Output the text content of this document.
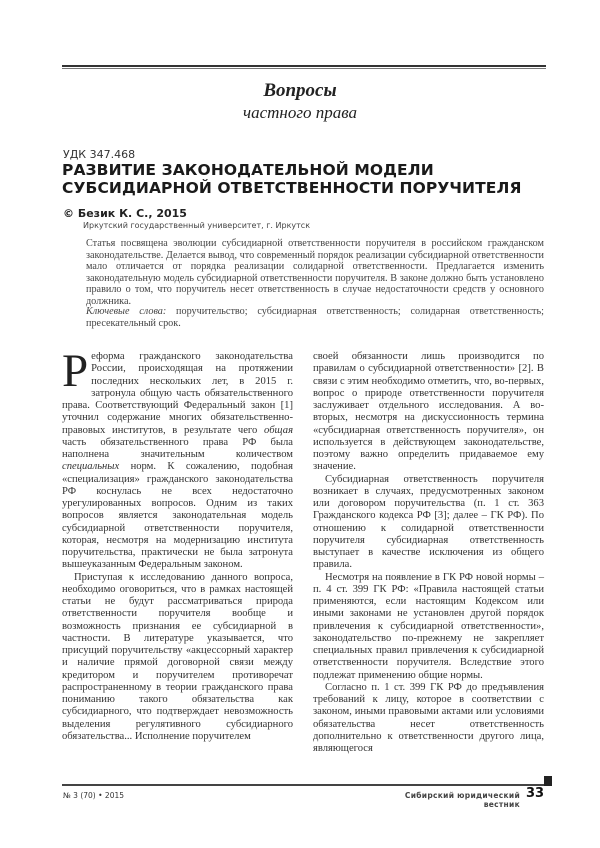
Вопросы
частного права
УДК 347.468
РАЗВИТИЕ ЗАКОНОДАТЕЛЬНОЙ МОДЕЛИ
СУБСИДИАРНОЙ ОТВЕТСТВЕННОСТИ ПОРУЧИТЕЛЯ
© Безик К. С., 2015
Иркутский государственный университет, г. Иркутск
Статья посвящена эволюции субсидиарной ответственности поручителя в российском гражданском законодательстве. Делается вывод, что современный порядок реализации субсидиарной ответственности мало отличается от порядка реализации солидарной ответственности. Предлагается изменить законодательную модель субсидиарной ответственности поручителя. В законе должно быть установлено правило о том, что поручитель несет ответственность в случае недостаточности средств у основного должника.
Ключевые слова: поручительство; субсидиарная ответственность; солидарная ответственность; пресекательный срок.

Реформа гражданского законодательства России, происходящая на протяжении последних нескольких лет, в 2015 г. затронула общую часть обязательственного права. Соответствующий Федеральный закон [1] уточнил содержание многих обязательственно-правовых институтов, в результате чего общая часть обязательственного права РФ была наполнена значительным количеством специальных норм. К сожалению, подобная «специализация» гражданского законодательства РФ коснулась не всех недостаточно урегулированных вопросов. Одним из таких вопросов является законодательная модель субсидиарной ответственности поручителя, которая, несмотря на модернизацию института поручительства, практически не была затронута вышеуказанным Федеральным законом.

Приступая к исследованию данного вопроса, необходимо оговориться, что в рамках настоящей статьи не будут рассматриваться природа ответственности поручителя вообще и возможность признания ее субсидиарной в частности. В литературе указывается, что присущий поручительству «акцессорный характер и наличие прямой договорной связи между кредитором и поручителем противоречат распространенному в теории гражданского права пониманию такого обязательства как субсидиарного, что подтверждает невозможность выделения регулятивного субсидиарного обязательства... Исполнение поручителем

своей обязанности лишь производится по правилам о субсидиарной ответственности» [2]. В связи с этим необходимо отметить, что, во-первых, вопрос о природе ответственности поручителя заслуживает отдельного исследования. А во-вторых, несмотря на дискуссионность термина «субсидиарная ответственность поручителя», он используется в действующем законодательстве, поэтому важно определить придаваемое ему значение.

Субсидиарная ответственность поручителя возникает в случаях, предусмотренных законом или договором поручительства (п. 1 ст. 363 Гражданского кодекса РФ [3]; далее – ГК РФ). По отношению к солидарной ответственности поручителя субсидиарная ответственность выступает в качестве исключения из общего правила.

Несмотря на появление в ГК РФ новой нормы – п. 4 ст. 399 ГК РФ: «Правила настоящей статьи применяются, если настоящим Кодексом или иными законами не установлен другой порядок привлечения к субсидиарной ответственности», законодательство по-прежнему не закрепляет специальных правил привлечения к субсидиарной ответственности поручителя. Вследствие этого подлежат применению общие нормы.

Согласно п. 1 ст. 399 ГК РФ до предъявления требований к лицу, которое в соответствии с законом, иными правовыми актами или условиями обязательства несет ответственность дополнительно к ответственности другого лица, являющегося

№ 3 (70) • 2015	Сибирский юридический вестник
33
